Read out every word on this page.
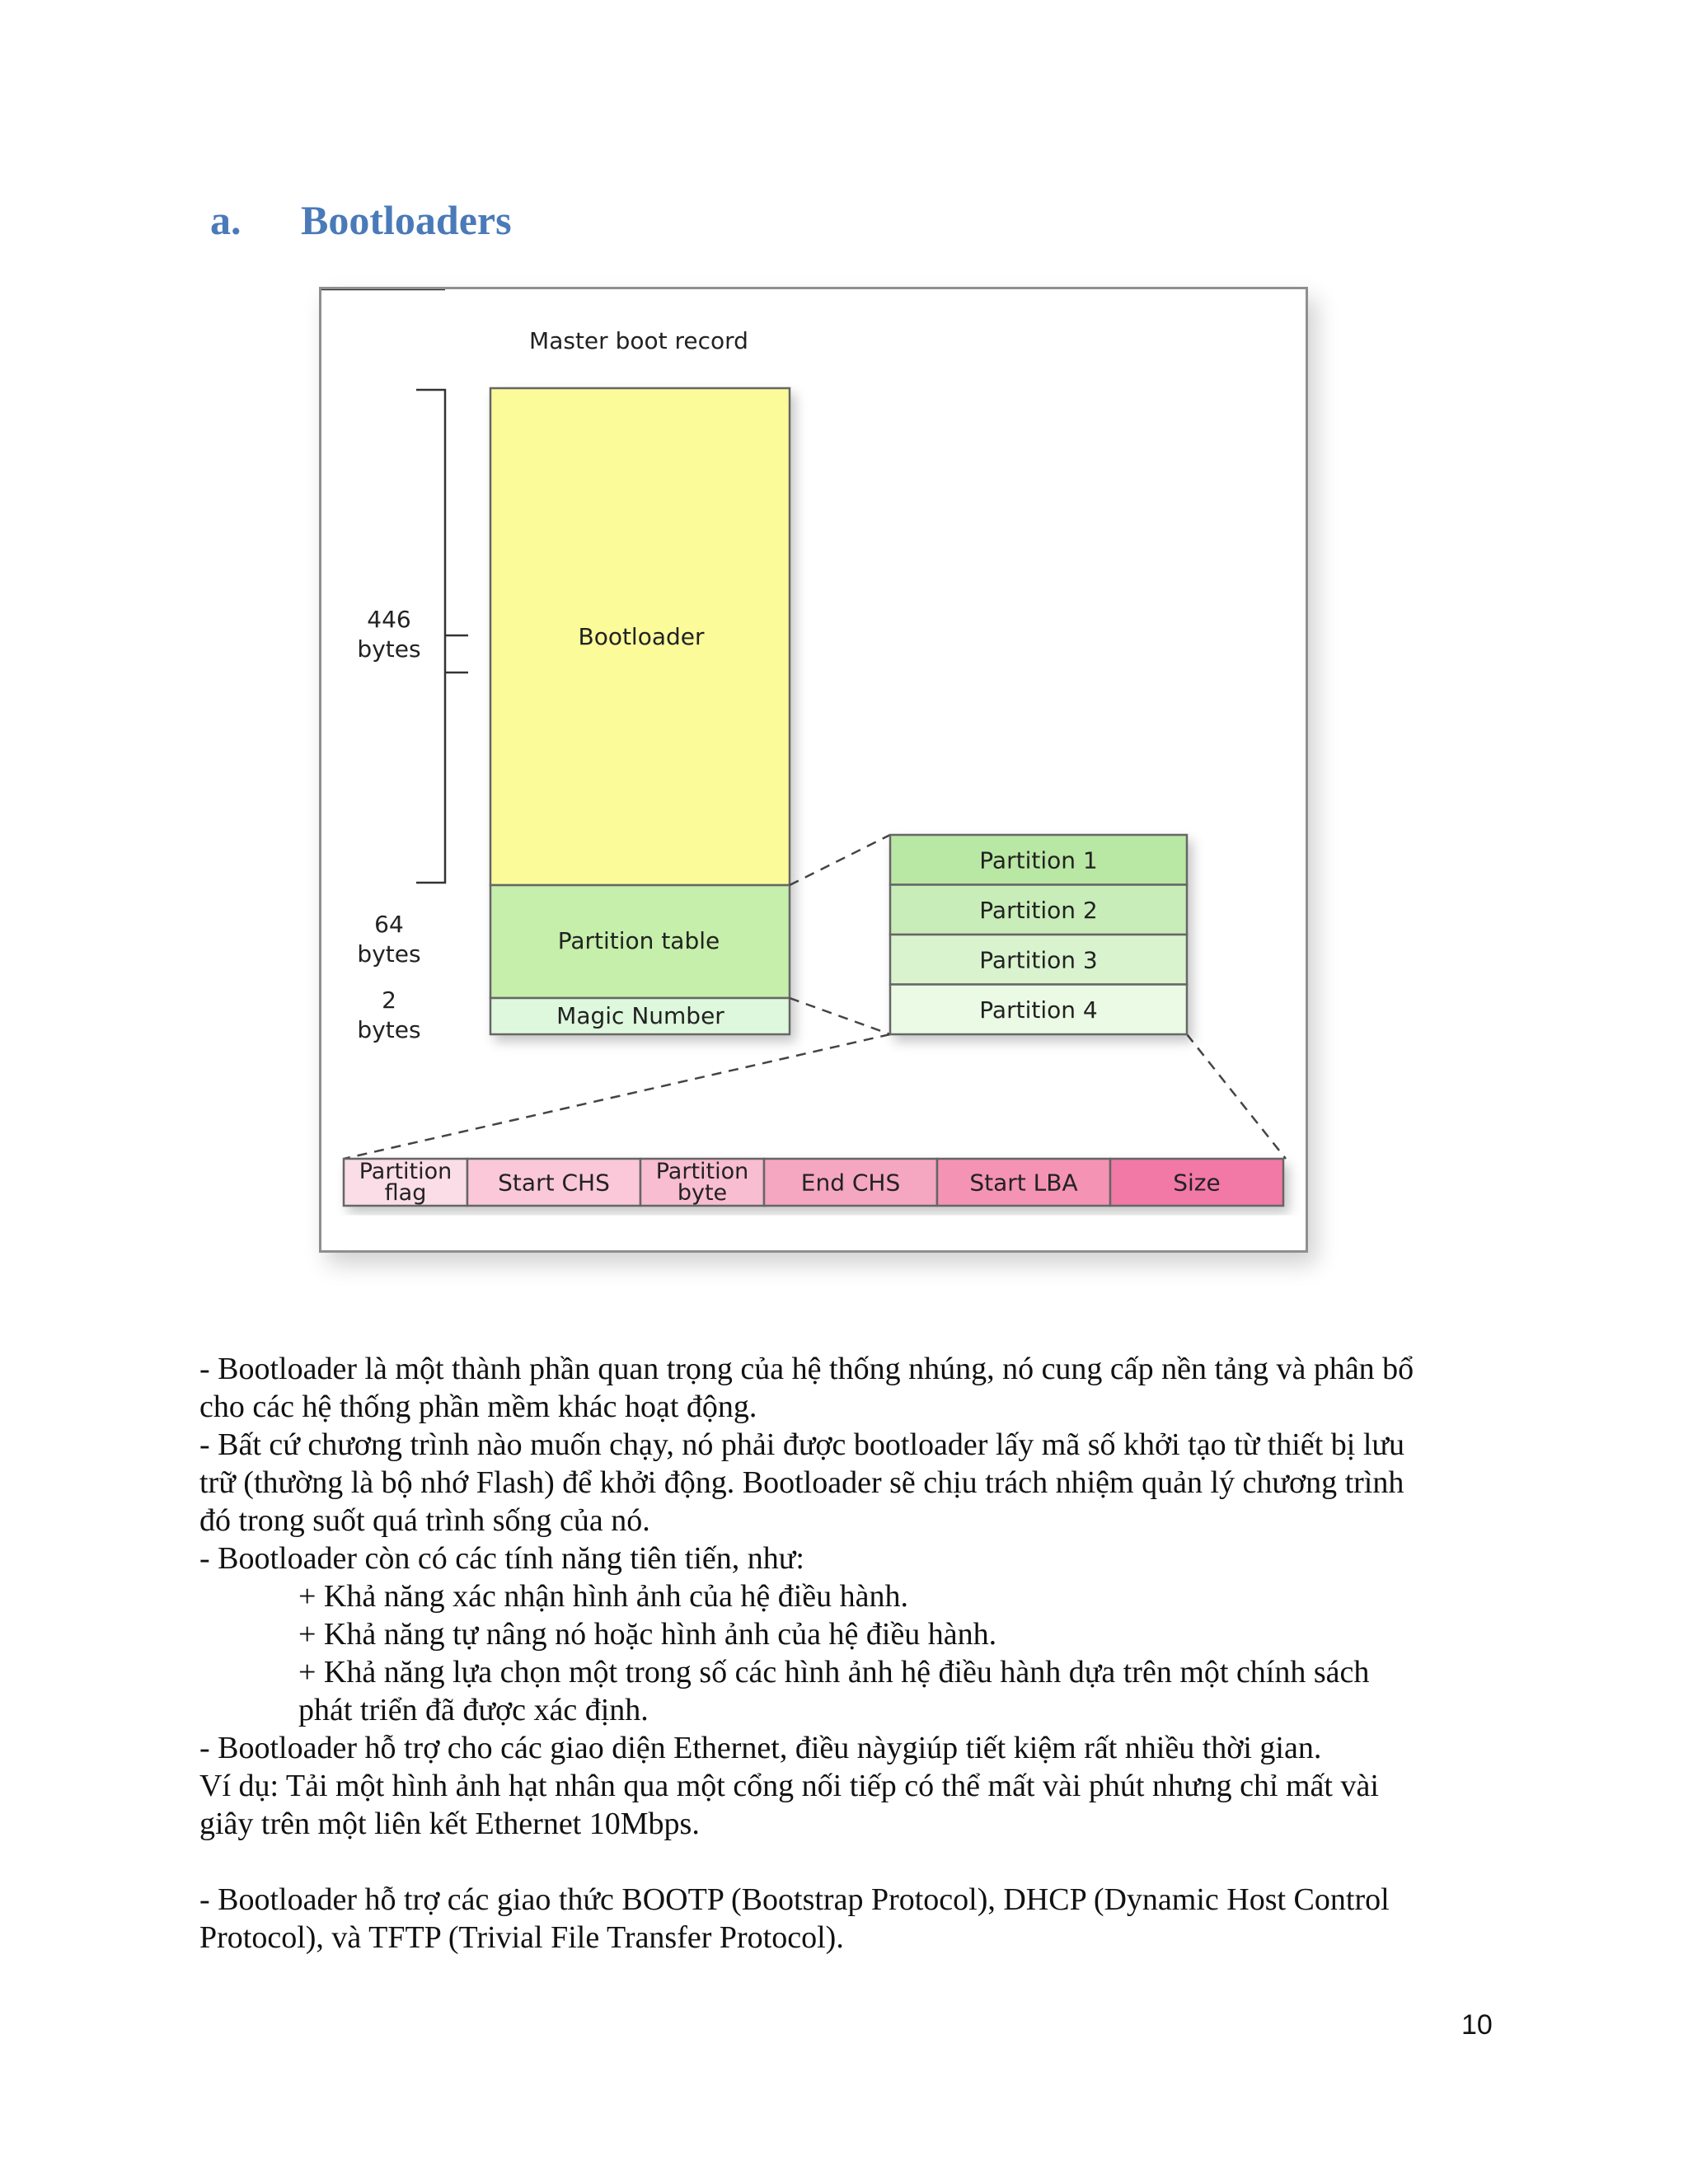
a. Bootloaders
Master boot record
446
bytes
64
bytes
2
bytes
Bootloader
Partition table
Magic Number
Partition 1
Partition 2
Partition 3
Partition 4
Partition
flag	Start CHS Partition
byte	End CHS	Start LBA	Size

- Bootloader là một thành phần quan trọng của hệ thống nhúng, nó cung cấp nền tảng và phân bổ

cho các hệ thống phần mềm khác hoạt động.

- Bất cứ chương trình nào muốn chạy, nó phải được bootloader lấy mã số khởi tạo từ thiết bị lưu

trữ (thường là bộ nhớ Flash) để khởi động. Bootloader sẽ chịu trách nhiệm quản lý chương trình

đó trong suốt quá trình sống của nó.

- Bootloader còn có các tính năng tiên tiến, như:

+ Khả năng xác nhận hình ảnh của hệ điều hành.

+ Khả năng tự nâng nó hoặc hình ảnh của hệ điều hành.

+ Khả năng lựa chọn một trong số các hình ảnh hệ điều hành dựa trên một chính sách

phát triển đã được xác định.

- Bootloader hỗ trợ cho các giao diện Ethernet, điều nàygiúp tiết kiệm rất nhiều thời gian.

Ví dụ: Tải một hình ảnh hạt nhân qua một cổng nối tiếp có thể mất vài phút nhưng chỉ mất vài

giây trên một liên kết Ethernet 10Mbps.

- Bootloader hỗ trợ các giao thức BOOTP (Bootstrap Protocol), DHCP (Dynamic Host Control

Protocol), và TFTP (Trivial File Transfer Protocol).

10
